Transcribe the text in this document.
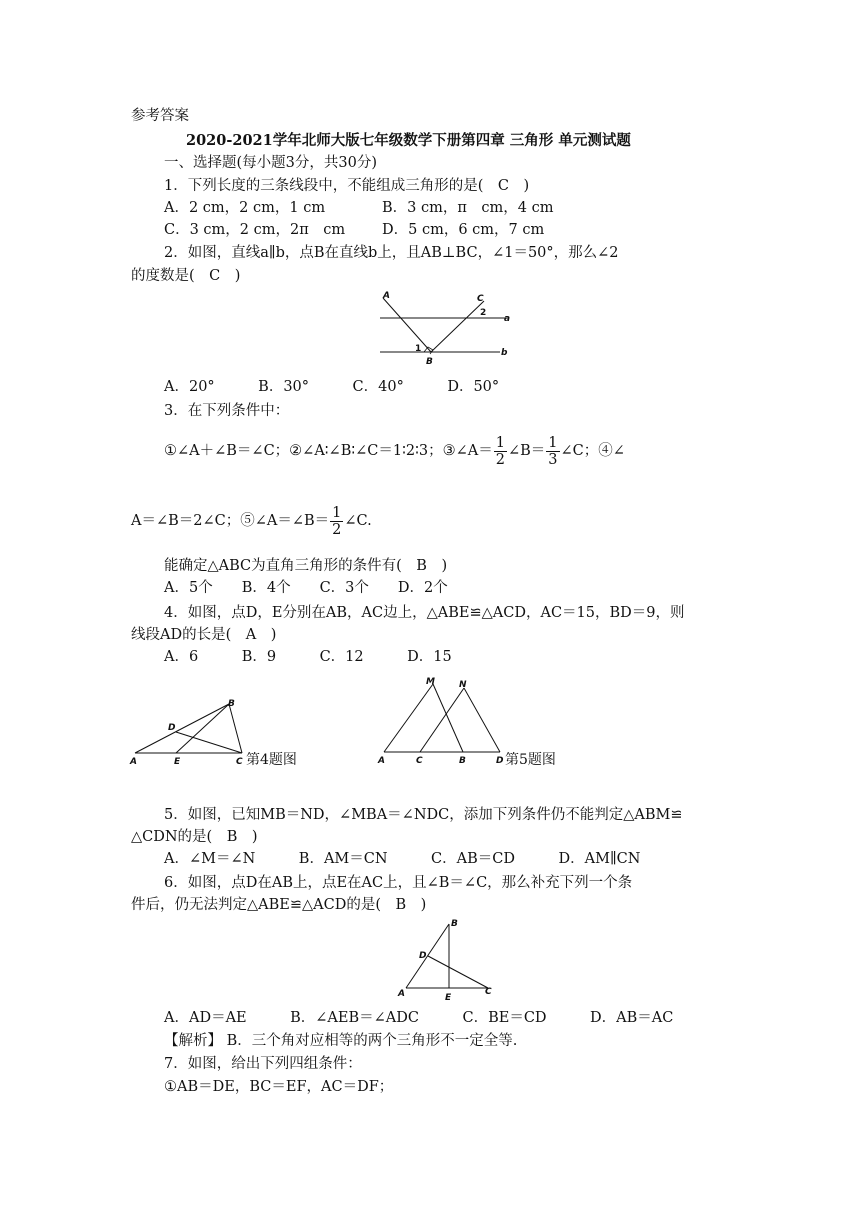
参考答案
2020-2021学年北师大版七年级数学下册第四章 三角形 单元测试题
一、选择题(每小题3分，共30分)
1．下列长度的三条线段中，不能组成三角形的是(　C　)
A．2 cm，2 cm，1 cm	B．3 cm，π　cm，4 cm
C．3 cm，2 cm，2π　cm	D．5 cm，6 cm，7 cm
2．如图，直线a∥b，点B在直线b上，且AB⊥BC，∠1＝50°，那么∠2
的度数是(　C　)
A	C
2
a
1
B
b
A．20°　　　B．30°　　　C．40°　　　D．50°
3．在下列条件中：
①∠A＋∠B＝∠C；②∠A∶∠B∶∠C＝1∶2∶3；③∠A＝ $\frac{1}{2}$ ∠B＝ $\frac{1}{3}$ ∠C；④∠
A＝∠B＝2∠C；⑤∠A＝∠B＝ $\frac{1}{2}$ ∠C.
能确定△ABC为直角三角形的条件有(　B　)
A．5个　　B．4个　　C．3个　　D．2个
4．如图，点D，E分别在AB，AC边上，△ABE≌△ACD，AC＝15，BD＝9，则
线段AD的长是(　A　)
A．6　　　B．9　　　C．12　　　D．15
B
D
A	E	C 第4题图
M	N
A	C	B	D 第5题图
5．如图，已知MB＝ND，∠MBA＝∠NDC，添加下列条件仍不能判定△ABM≌
△CDN的是(　B　)
A．∠M＝∠N　　　B．AM＝CN　　　C．AB＝CD　　　D．AM∥CN
6．如图，点D在AB上，点E在AC上，且∠B＝∠C，那么补充下列一个条
件后，仍无法判定△ABE≌△ACD的是(　B　)
B
D
A	E
C
A．AD＝AE　　　B．∠AEB＝∠ADC　　　C．BE＝CD　　　D．AB＝AC
【解析】 B．三个角对应相等的两个三角形不一定全等.
7．如图，给出下列四组条件：
①AB＝DE，BC＝EF，AC＝DF；
